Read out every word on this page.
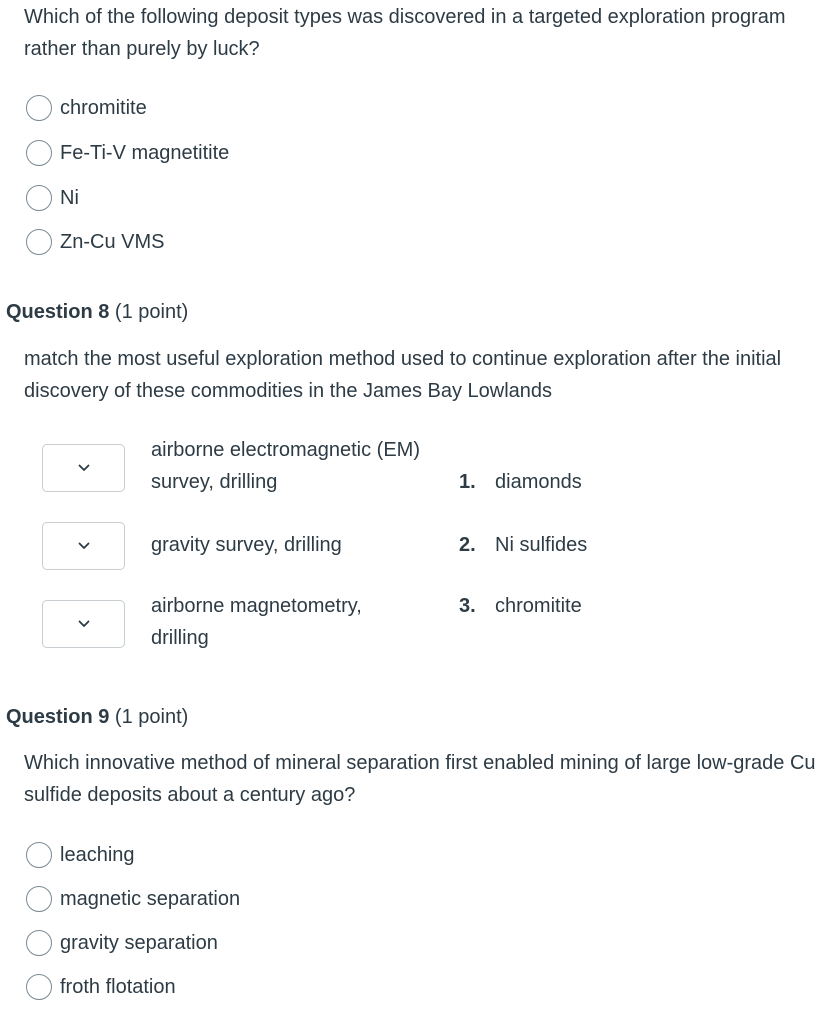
Which of the following deposit types was discovered in a targeted exploration program rather than purely by luck?

chromitite
Fe-Ti-V magnetitite
Ni
Zn-Cu VMS
Question 8 (1 point)

match the most useful exploration method used to continue exploration after the initial discovery of these commodities in the James Bay Lowlands

airborne electromagnetic (EM) survey, drilling	1. diamonds

gravity survey, drilling	2. Ni sulfides

airborne magnetometry, drilling

3. chromitite
Question 9 (1 point)

Which innovative method of mineral separation first enabled mining of large low-grade Cu sulfide deposits about a century ago?

leaching
magnetic separation
gravity separation
froth flotation
